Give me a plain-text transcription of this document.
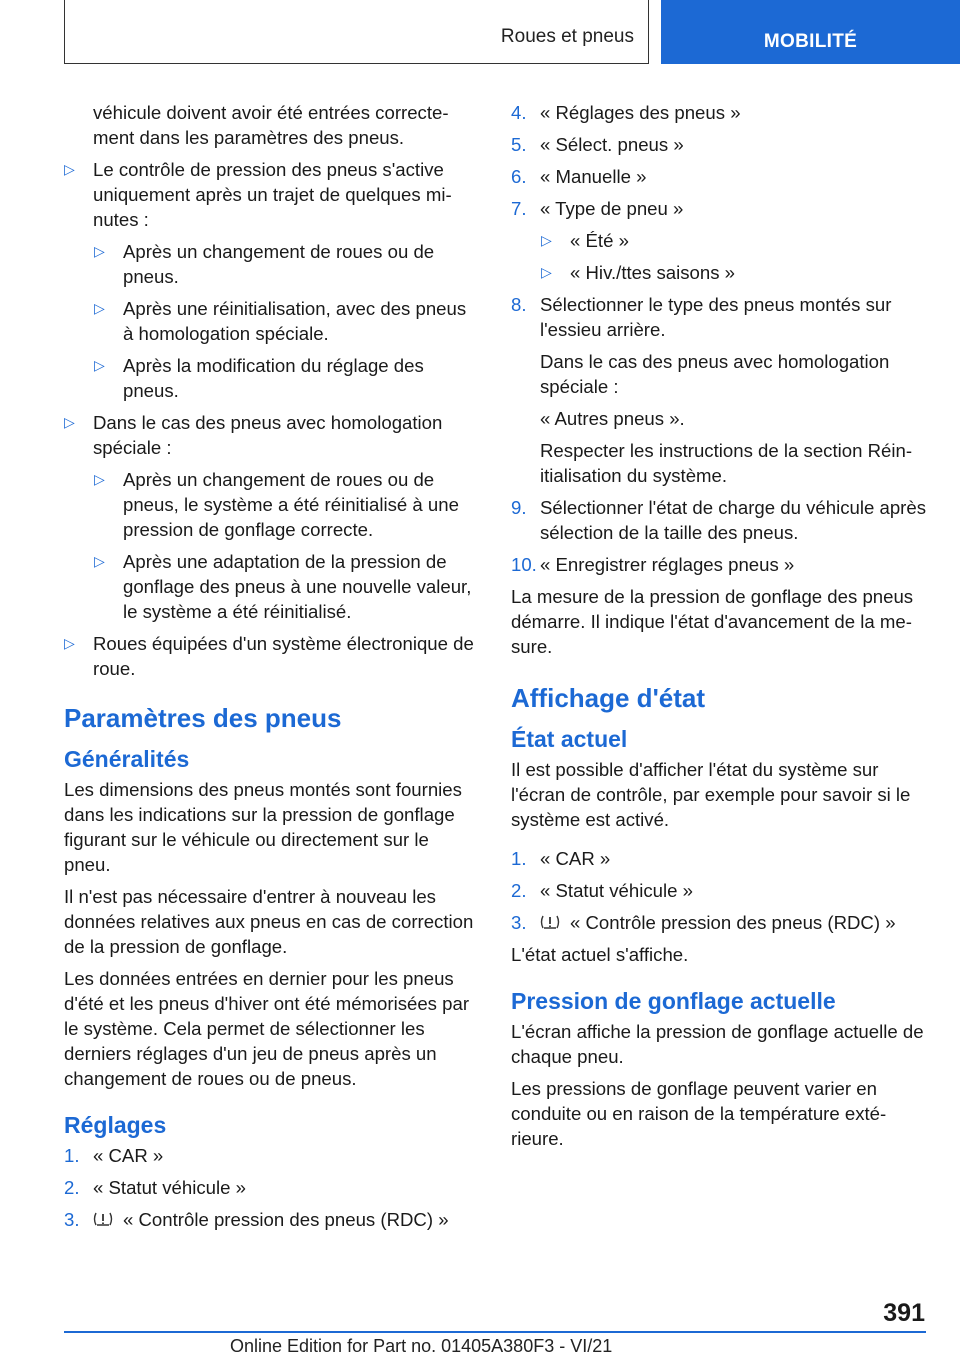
Roues et pneus	MOBILITÉ

véhicule doivent avoir été entrées correctement dans les paramètres des pneus.

▷ Le contrôle de pression des pneus s'active uniquement après un trajet de quelques minutes :
▷ Après un changement de roues ou de pneus.
▷ Après une réinitialisation, avec des pneus à homologation spéciale.
▷ Après la modification du réglage des pneus.
▷ Dans le cas des pneus avec homologation spéciale :
▷ Après un changement de roues ou de pneus, le système a été réinitialisé à une pression de gonflage correcte.
▷ Après une adaptation de la pression de gonflage des pneus à une nouvelle valeur, le système a été réinitialisé.
▷ Roues équipées d'un système électronique de roue.
Paramètres des pneus
Généralités

Les dimensions des pneus montés sont fournies dans les indications sur la pression de gonflage figurant sur le véhicule ou directement sur le pneu.

Il n'est pas nécessaire d'entrer à nouveau les données relatives aux pneus en cas de correction de la pression de gonflage.

Les données entrées en dernier pour les pneus d'été et les pneus d'hiver ont été mémorisées par le système. Cela permet de sélectionner les derniers réglages d'un jeu de pneus après un changement de roues ou de pneus.

Réglages
1. « CAR »
2. « Statut véhicule »
3. « Contrôle pression des pneus (RDC) »
4. « Réglages des pneus »
5. « Sélect. pneus »
6. « Manuelle »
7. « Type de pneu »
▷ « Été »
▷ « Hiv./ttes saisons »
8. Sélectionner le type des pneus montés sur l'essieu arrière.

Dans le cas des pneus avec homologation spéciale :

« Autres pneus ».

Respecter les instructions de la section Réinitialisation du système.

9. Sélectionner l'état de charge du véhicule après sélection de la taille des pneus.
10. « Enregistrer réglages pneus »

La mesure de la pression de gonflage des pneus démarre. Il indique l'état d'avancement de la mesure.

Affichage d'état
État actuel

Il est possible d'afficher l'état du système sur l'écran de contrôle, par exemple pour savoir si le système est activé.

1. « CAR »
2. « Statut véhicule »
3. « Contrôle pression des pneus (RDC) »

L'état actuel s'affiche.

Pression de gonflage actuelle

L'écran affiche la pression de gonflage actuelle de chaque pneu.

Les pressions de gonflage peuvent varier en conduite ou en raison de la température extérieure.

391
Online Edition for Part no. 01405A380F3 - VI/21
